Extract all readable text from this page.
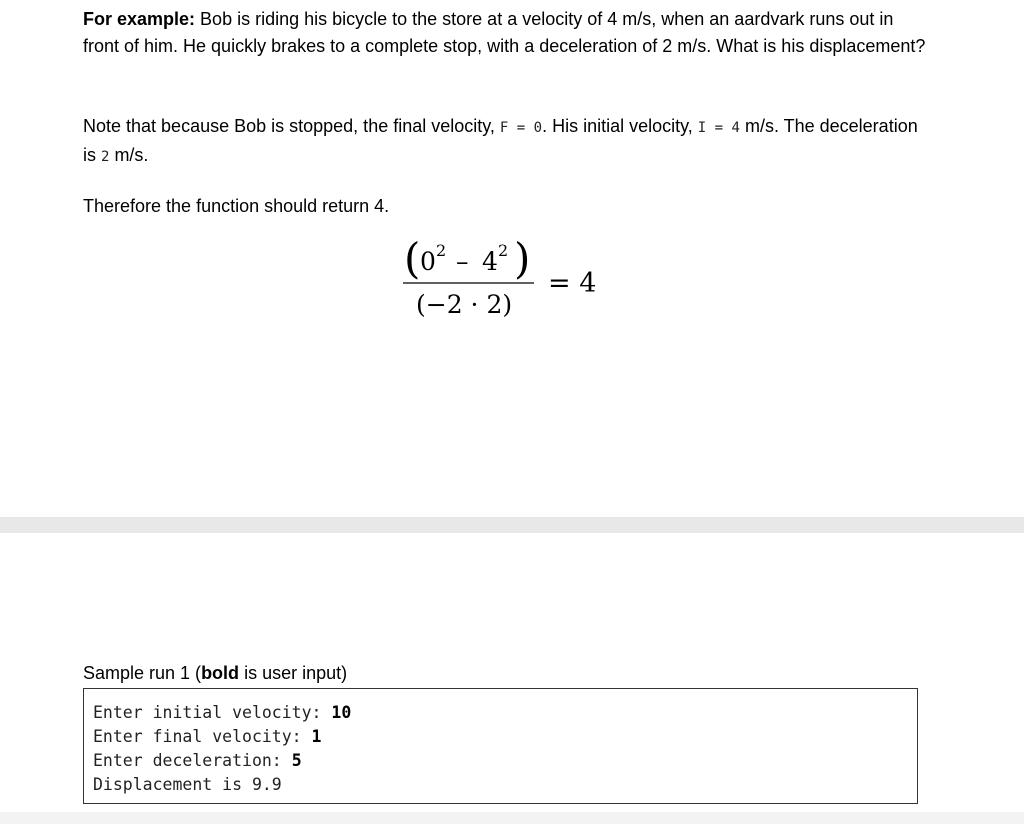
For example: Bob is riding his bicycle to the store at a velocity of 4 m/s, when an aardvark runs out in front of him. He quickly brakes to a complete stop, with a deceleration of 2 m/s. What is his displacement?
Note that because Bob is stopped, the final velocity, F = 0. His initial velocity, I = 4 m/s. The deceleration is 2 m/s.
Therefore the function should return 4.
( 0 2 – 4 2 )
(−2 · 2)
= 4
Sample run 1 (bold is user input)
Enter initial velocity: 10
Enter final velocity: 1
Enter deceleration: 5
Displacement is 9.9
